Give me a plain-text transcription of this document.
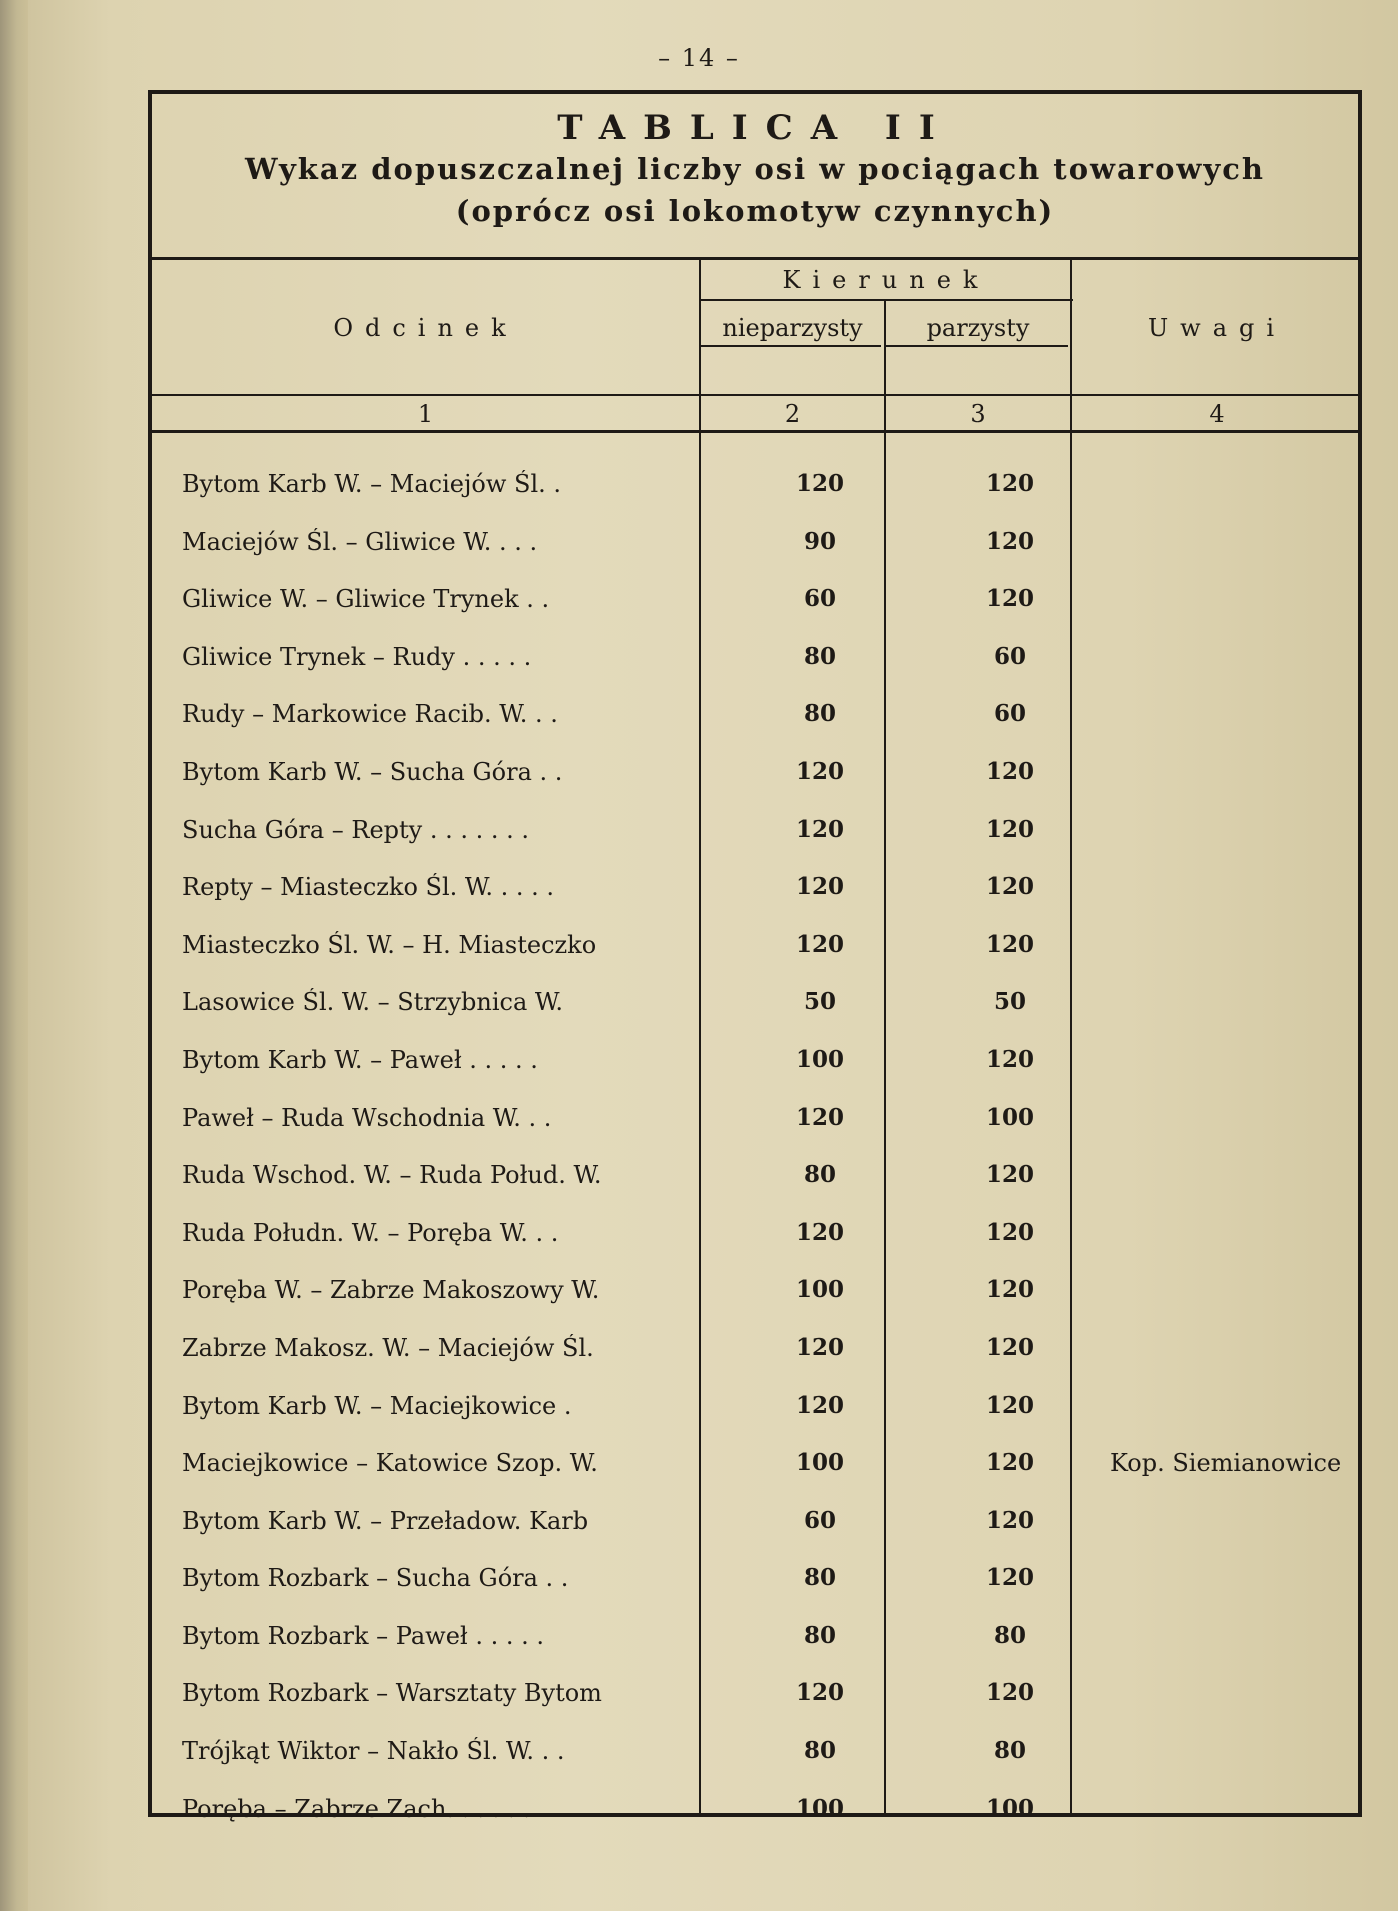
– 14 –
TABLICA II
Wykaz dopuszczalnej liczby osi w pociągach towarowych
(oprócz osi lokomotyw czynnych)
Odcinek
Kierunek
nieparzysty	parzysty	Uwagi
1	2	3	4
Bytom Karb W. – Maciejów Śl. .	120	120
Maciejów Śl. – Gliwice W. . . .	90	120
Gliwice W. – Gliwice Trynek . .	60	120
Gliwice Trynek – Rudy . . . . .	80	60
Rudy – Markowice Racib. W. . .	80	60
Bytom Karb W. – Sucha Góra . .	120	120
Sucha Góra – Repty . . . . . . .	120	120
Repty – Miasteczko Śl. W. . . . .	120	120
Miasteczko Śl. W. – H. Miasteczko	120	120
Lasowice Śl. W. – Strzybnica W.	50	50
Bytom Karb W. – Paweł . . . . .	100	120
Paweł – Ruda Wschodnia W. . .	120	100
Ruda Wschod. W. – Ruda Połud. W.	80	120
Ruda Połudn. W. – Poręba W. . .	120	120
Poręba W. – Zabrze Makoszowy W.	100	120
Zabrze Makosz. W. – Maciejów Śl.	120	120
Bytom Karb W. – Maciejkowice .	120	120
Maciejkowice – Katowice Szop. W.	100	120	Kop. Siemianowice
Bytom Karb W. – Przeładow. Karb	60	120
Bytom Rozbark – Sucha Góra . .	80	120
Bytom Rozbark – Paweł . . . . .	80	80
Bytom Rozbark – Warsztaty Bytom	120	120
Trójkąt Wiktor – Nakło Śl. W. . .	80	80
Poręba – Zabrze Zach. . . . . .	100	100
